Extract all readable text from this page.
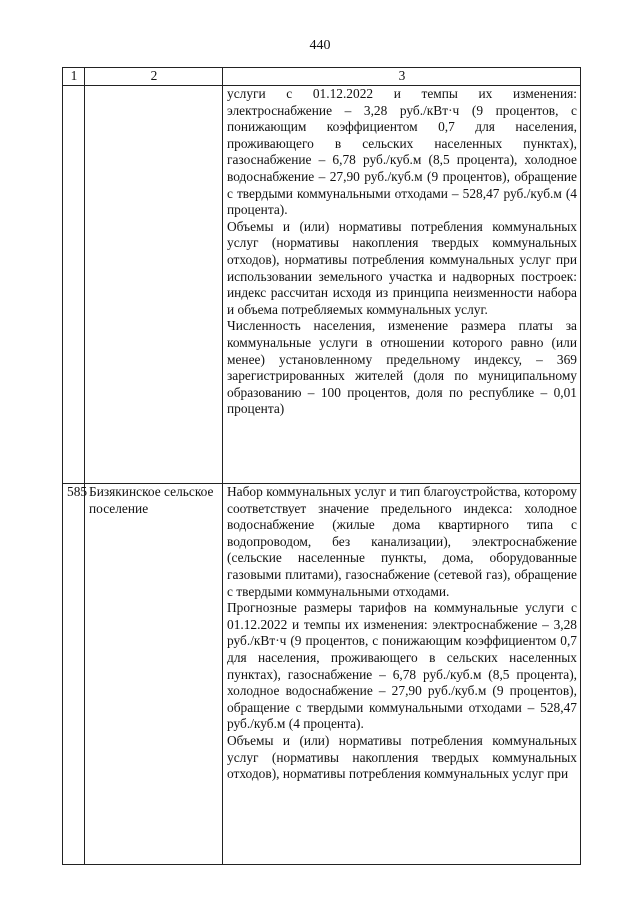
440
1	2	3

		услуги с 01.12.2022 и темпы их изменения: электроснабжение – 3,28 руб./кВт·ч (9 процентов, с понижающим коэффициентом 0,7 для населения, проживающего в сельских населенных пунктах), газоснабжение – 6,78 руб./куб.м (8,5 процента), холодное водоснабжение – 27,90 руб./куб.м (9 процентов), обращение с твердыми коммунальными отходами – 528,47 руб./куб.м (4 процента).

Объемы и (или) нормативы потребления коммунальных услуг (нормативы накопления твердых коммунальных отходов), нормативы потребления коммунальных услуг при использовании земельного участка и надворных построек: индекс рассчитан исходя из принципа неизменности набора и объема потребляемых коммунальных услуг.

Численность населения, изменение размера платы за коммунальные услуги в отношении которого равно (или менее) установленному предельному индексу, – 369 зарегистрированных жителей (доля по муниципальному образованию – 100 процентов, доля по республике – 0,01 процента)

585	Бизякинское сельское поселение	Набор коммунальных услуг и тип благоустройства, которому соответствует значение предельного индекса: холодное водоснабжение (жилые дома квартирного типа с водопроводом, без канализации), электроснабжение (сельские населенные пункты, дома, оборудованные газовыми плитами), газоснабжение (сетевой газ), обращение с твердыми коммунальными отходами.

Прогнозные размеры тарифов на коммунальные услуги с 01.12.2022 и темпы их изменения: электроснабжение – 3,28 руб./кВт·ч (9 процентов, с понижающим коэффициентом 0,7 для населения, проживающего в сельских населенных пунктах), газоснабжение – 6,78 руб./куб.м (8,5 процента), холодное водоснабжение – 27,90 руб./куб.м (9 процентов), обращение с твердыми коммунальными отходами – 528,47 руб./куб.м (4 процента).

Объемы и (или) нормативы потребления коммунальных услуг (нормативы накопления твердых коммунальных отходов), нормативы потребления коммунальных услуг при
